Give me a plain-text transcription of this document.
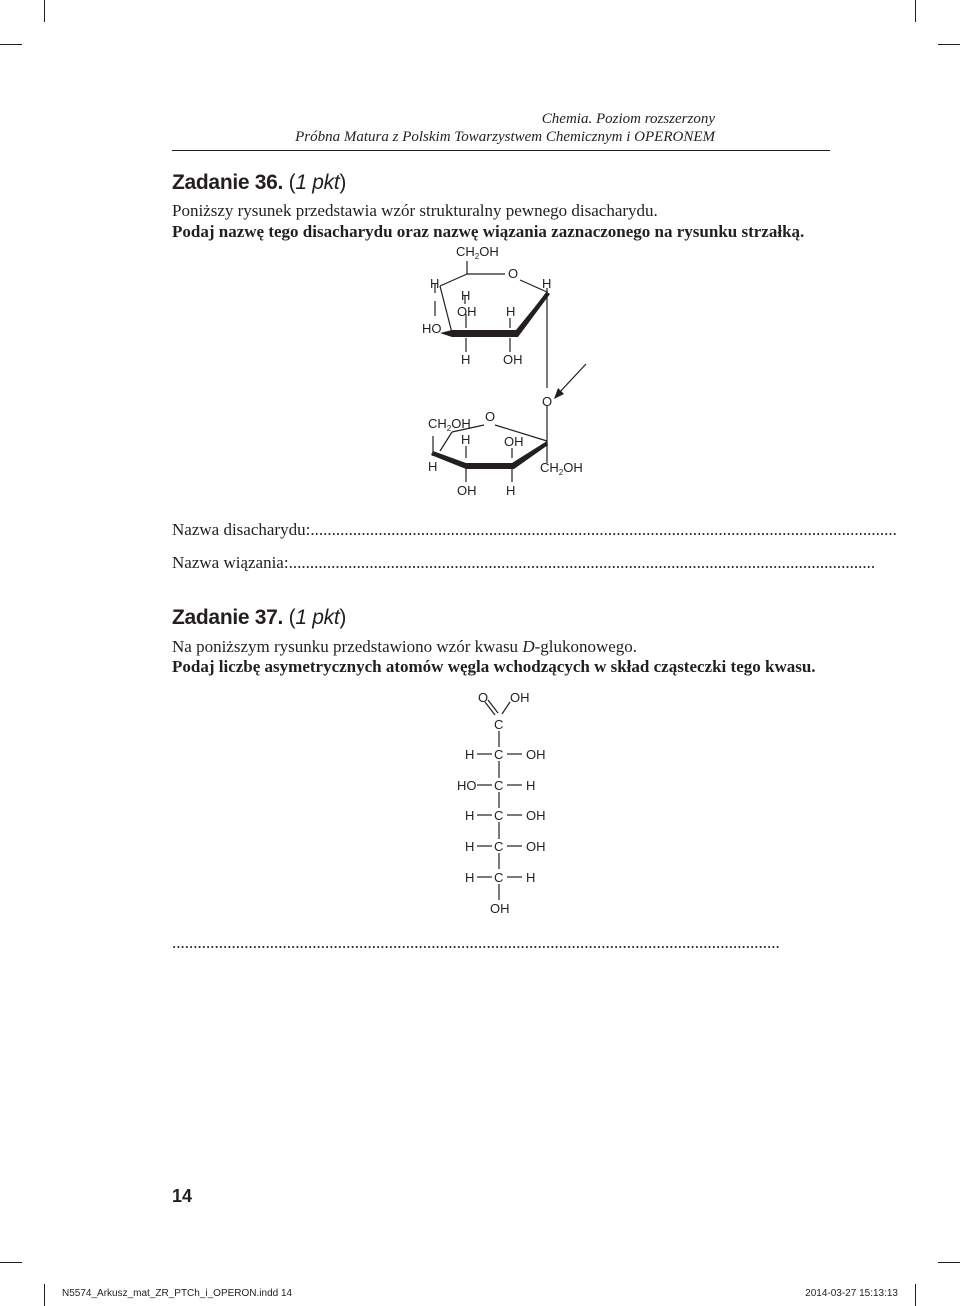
Chemia. Poziom rozszerzony
Próbna Matura z Polskim Towarzystwem Chemicznym i OPERONEM
Zadanie 36. (1 pkt)
Poniższy rysunek przedstawia wzór strukturalny pewnego disacharydu.
Podaj nazwę tego disacharydu oraz nazwę wiązania zaznaczonego na rysunku strzałką.
$CH_2OH$
O
H
H
H
HO
OH H
H	OH
O
$CH_2OH$ O
H	OH
H	$CH_2OH$
OH H
Nazwa disacharydu:..........................................................................................................................................
Nazwa wiązania:..........................................................................................................................................
Zadanie 37. (1 pkt)
Na poniższym rysunku przedstawiono wzór kwasu D-glukonowego.
Podaj liczbę asymetrycznych atomów węgla wchodzących w skład cząsteczki tego kwasu.
O OH
C
H C OH
HO C H
H C OH
H C OH
H C H
OH
...............................................................................................................................................
14
N5574_Arkusz_mat_ZR_PTCh_i_OPERON.indd 14	2014-03-27 15:13:13
